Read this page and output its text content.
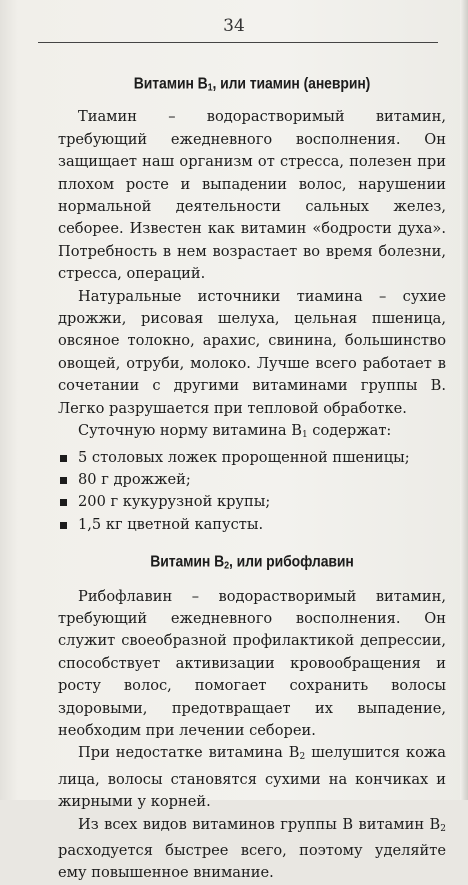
34
Витамин $B_1$, или тиамин (аневрин)

Тиамин – водорастворимый витамин, требующий ежедневного восполнения. Он защищает наш организм от стресса, полезен при плохом росте и выпадении волос, нарушении нормальной деятельности сальных желез, себорее. Известен как витамин «бодрости духа». Потребность в нем возрастает во время болезни, стресса, операций.

Натуральные источники тиамина – сухие дрожжи, рисовая шелуха, цельная пшеница, овсяное толокно, арахис, свинина, большинство овощей, отруби, молоко. Лучше всего работает в сочетании с другими витаминами группы В. Легко разрушается при тепловой обработке.

Суточную норму витамина $B_1$ содержат:

5 столовых ложек пророщенной пшеницы;
80 г дрожжей;
200 г кукурузной крупы;
1,5 кг цветной капусты.
Витамин $B_2$, или рибофлавин

Рибофлавин – водорастворимый витамин, требующий ежедневного восполнения. Он служит своеобразной профилактикой депрессии, способствует активизации кровообращения и росту волос, помогает сохранить волосы здоровыми, предотвращает их выпадение, необходим при лечении себореи.

При недостатке витамина $B_2$ шелушится кожа лица, волосы становятся сухими на кончиках и жирными у корней.

Из всех видов витаминов группы В витамин $B_2$ расходуется быстрее всего, поэтому уделяйте ему повышенное внимание.
